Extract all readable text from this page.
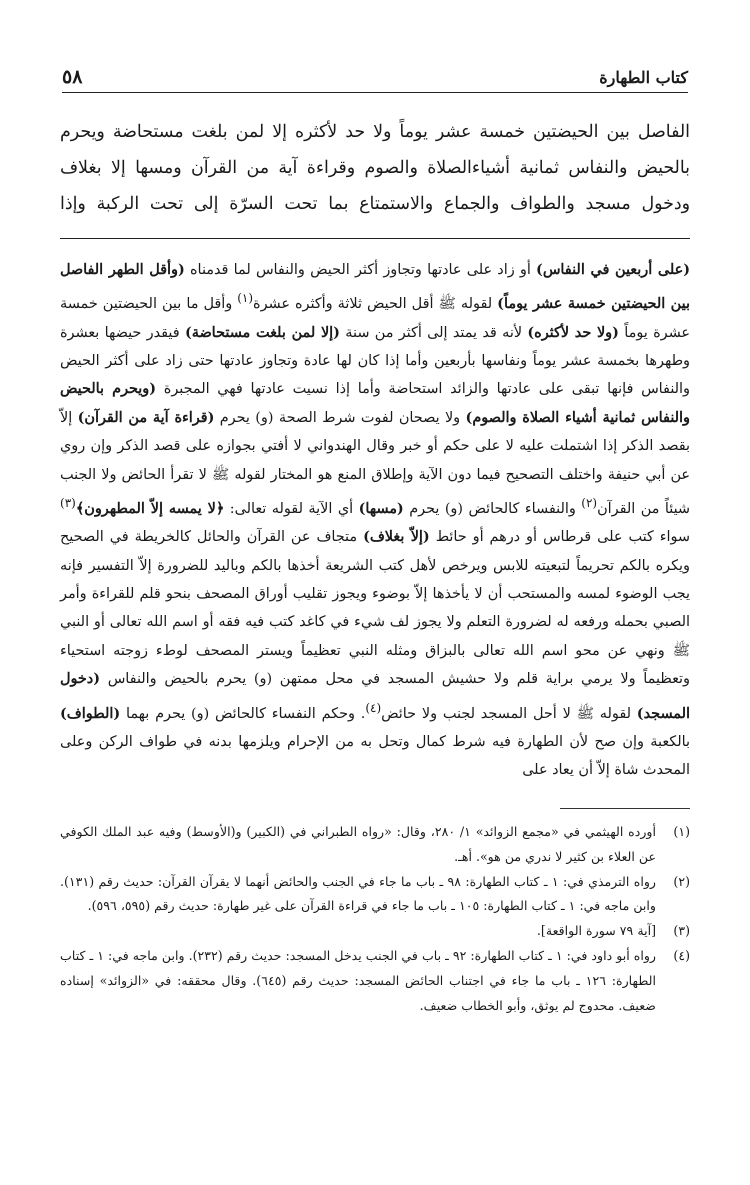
كتاب الطهارة
٥٨
الفاصل بين الحيضتين خمسة عشر يوماً ولا حد لأكثره إلا لمن بلغت مستحاضة ويحرم بالحيض والنفاس ثمانية أشياءالصلاة والصوم وقراءة آية من القرآن ومسها إلا بغلاف ودخول مسجد والطواف والجماع والاستمتاع بما تحت السرّة إلى تحت الركبة وإذا
(على أربعين في النفاس) أو زاد على عادتها وتجاوز أكثر الحيض والنفاس لما قدمناه (وأقل الطهر الفاصل بين الحيضتين خمسة عشر يوماً) لقوله ﷺ أقل الحيض ثلاثة وأكثره عشرة$^{(١)}$ وأقل ما بين الحيضتين خمسة عشرة يوماً (ولا حد لأكثره) لأنه قد يمتد إلى أكثر من سنة (إلا لمن بلغت مستحاضة) فيقدر حيضها بعشرة وطهرها بخمسة عشر يوماً ونفاسها بأربعين وأما إذا كان لها عادة وتجاوز عادتها حتى زاد على أكثر الحيض والنفاس فإنها تبقى على عادتها والزائد استحاضة وأما إذا نسيت عادتها فهي المجبرة (ويحرم بالحيض والنفاس ثمانية أشياء الصلاة والصوم) ولا يصحان لفوت شرط الصحة (و) يحرم (قراءة آية من القرآن) إلاّ بقصد الذكر إذا اشتملت عليه لا على حكم أو خبر وقال الهندواني لا أفتي بجوازه على قصد الذكر وإن روي عن أبي حنيفة واختلف التصحيح فيما دون الآية وإطلاق المنع هو المختار لقوله ﷺ لا تقرأ الحائض ولا الجنب شيئاً من القرآن$^{(٢)}$ والنفساء كالحائض (و) يحرم (مسها) أي الآية لقوله تعالى: ﴿لا يمسه إلاّ المطهرون﴾$^{(٣)}$ سواء كتب على قرطاس أو درهم أو حائط (إلاّ بغلاف) متجاف عن القرآن والحائل كالخريطة في الصحيح ويكره بالكم تحريماً لتبعيته للابس ويرخص لأهل كتب الشريعة أخذها بالكم وباليد للضرورة إلاّ التفسير فإنه يجب الوضوء لمسه والمستحب أن لا يأخذها إلاّ بوضوء ويجوز تقليب أوراق المصحف بنحو قلم للقراءة وأمر الصبي بحمله ورفعه له لضرورة التعلم ولا يجوز لف شيء في كاغد كتب فيه فقه أو اسم الله تعالى أو النبي ﷺ ونهي عن محو اسم الله تعالى بالبزاق ومثله النبي تعظيماً ويستر المصحف لوطء زوجته استحياء وتعظيماً ولا يرمي براية قلم ولا حشيش المسجد في محل ممتهن (و) يحرم بالحيض والنفاس (دخول المسجد) لقوله ﷺ لا أحل المسجد لجنب ولا حائض$^{(٤)}$. وحكم النفساء كالحائض (و) يحرم بهما (الطواف) بالكعبة وإن صح لأن الطهارة فيه شرط كمال وتحل به من الإحرام ويلزمها بدنه في طواف الركن وعلى المحدث شاة إلاّ أن يعاد على
(١)
أورده الهيثمي في «مجمع الزوائد» ١/ ٢٨٠، وقال: «رواه الطبراني في (الكبير) و(الأوسط) وفيه عبد الملك الكوفي عن العلاء بن كثير لا ندري من هو». أهـ.
(٢)
رواه الترمذي في: ١ ـ كتاب الطهارة: ٩٨ ـ باب ما جاء في الجنب والحائض أنهما لا يقرآن القرآن: حديث رقم (١٣١). وابن ماجه في: ١ ـ كتاب الطهارة: ١٠٥ ـ باب ما جاء في قراءة القرآن على غير طهارة: حديث رقم (٥٩٥، ٥٩٦).
(٣)
[آية ٧٩ سورة الواقعة].
(٤)
رواه أبو داود في: ١ ـ كتاب الطهارة: ٩٢ ـ باب في الجنب يدخل المسجد: حديث رقم (٢٣٢). وابن ماجه في: ١ ـ كتاب الطهارة: ١٢٦ ـ باب ما جاء في اجتناب الحائض المسجد: حديث رقم (٦٤٥). وقال محققه: في «الزوائد» إسناده ضعيف. محدوج لم يوثق، وأبو الخطاب ضعيف.
